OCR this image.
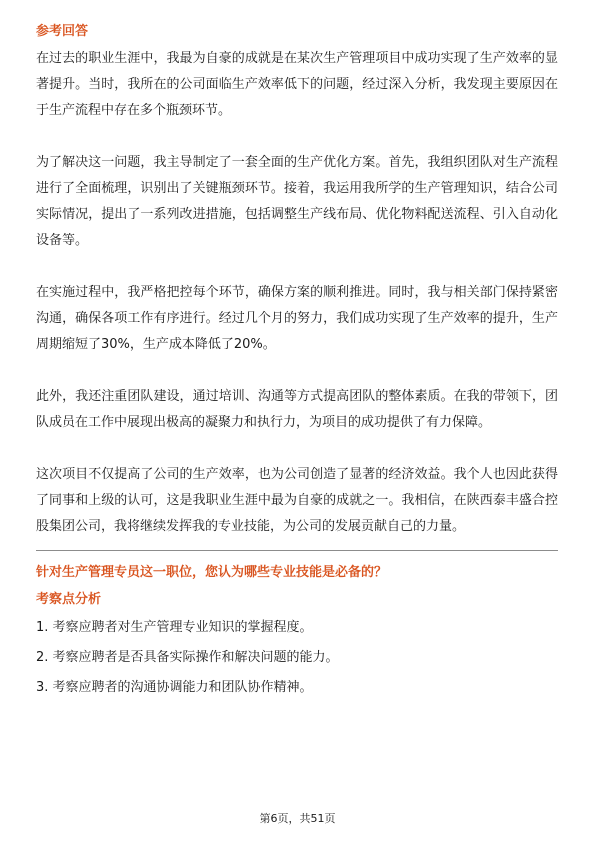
参考回答

在过去的职业生涯中，我最为自豪的成就是在某次生产管理项目中成功实现了生产效率的显著提升。当时，我所在的公司面临生产效率低下的问题，经过深入分析，我发现主要原因在于生产流程中存在多个瓶颈环节。

为了解决这一问题，我主导制定了一套全面的生产优化方案。首先，我组织团队对生产流程进行了全面梳理，识别出了关键瓶颈环节。接着，我运用我所学的生产管理知识，结合公司实际情况，提出了一系列改进措施，包括调整生产线布局、优化物料配送流程、引入自动化设备等。

在实施过程中，我严格把控每个环节，确保方案的顺利推进。同时，我与相关部门保持紧密沟通，确保各项工作有序进行。经过几个月的努力，我们成功实现了生产效率的提升，生产周期缩短了30%，生产成本降低了20%。

此外，我还注重团队建设，通过培训、沟通等方式提高团队的整体素质。在我的带领下，团队成员在工作中展现出极高的凝聚力和执行力，为项目的成功提供了有力保障。

这次项目不仅提高了公司的生产效率，也为公司创造了显著的经济效益。我个人也因此获得了同事和上级的认可，这是我职业生涯中最为自豪的成就之一。我相信，在陕西泰丰盛合控股集团公司，我将继续发挥我的专业技能，为公司的发展贡献自己的力量。

针对生产管理专员这一职位，您认为哪些专业技能是必备的？
考察点分析
1. 考察应聘者对生产管理专业知识的掌握程度。
2. 考察应聘者是否具备实际操作和解决问题的能力。
3. 考察应聘者的沟通协调能力和团队协作精神。
第6页，共51页
